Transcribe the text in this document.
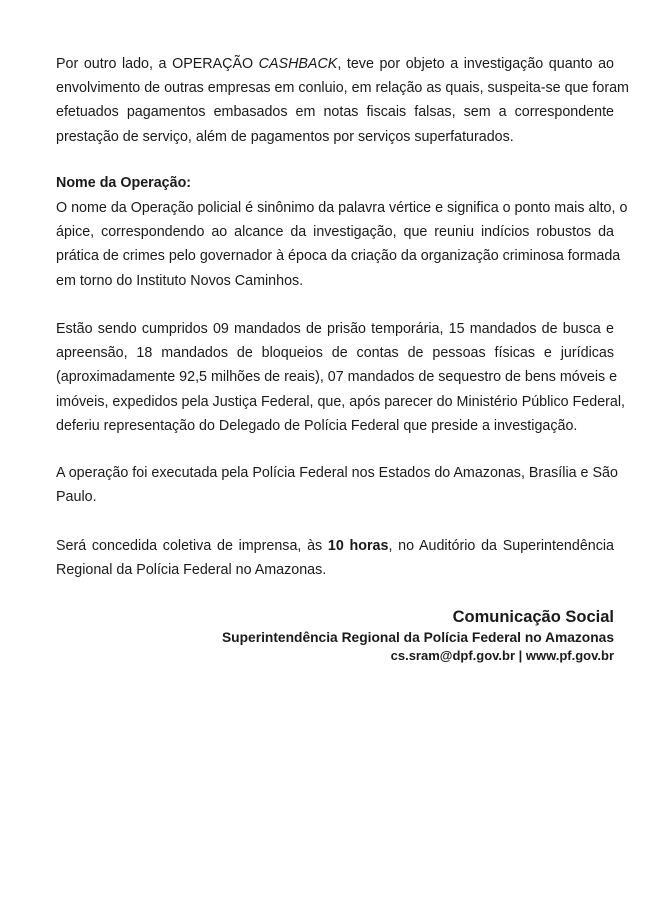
Por outro lado, a OPERAÇÃO CASHBACK, teve por objeto a investigação quanto ao
envolvimento de outras empresas em conluio, em relação as quais, suspeita-se que foram
efetuados pagamentos embasados em notas fiscais falsas, sem a correspondente
prestação de serviço, além de pagamentos por serviços superfaturados.
Nome da Operação:
O nome da Operação policial é sinônimo da palavra vértice e significa o ponto mais alto, o
ápice, correspondendo ao alcance da investigação, que reuniu indícios robustos da
prática de crimes pelo governador à época da criação da organização criminosa formada
em torno do Instituto Novos Caminhos.
Estão sendo cumpridos 09 mandados de prisão temporária, 15 mandados de busca e
apreensão, 18 mandados de bloqueios de contas de pessoas físicas e jurídicas
(aproximadamente 92,5 milhões de reais), 07 mandados de sequestro de bens móveis e
imóveis, expedidos pela Justiça Federal, que, após parecer do Ministério Público Federal,
deferiu representação do Delegado de Polícia Federal que preside a investigação.
A operação foi executada pela Polícia Federal nos Estados do Amazonas, Brasília e São
Paulo.
Será concedida coletiva de imprensa, às 10 horas, no Auditório da Superintendência
Regional da Polícia Federal no Amazonas.
Comunicação Social
Superintendência Regional da Polícia Federal no Amazonas
cs.sram@dpf.gov.br | www.pf.gov.br
